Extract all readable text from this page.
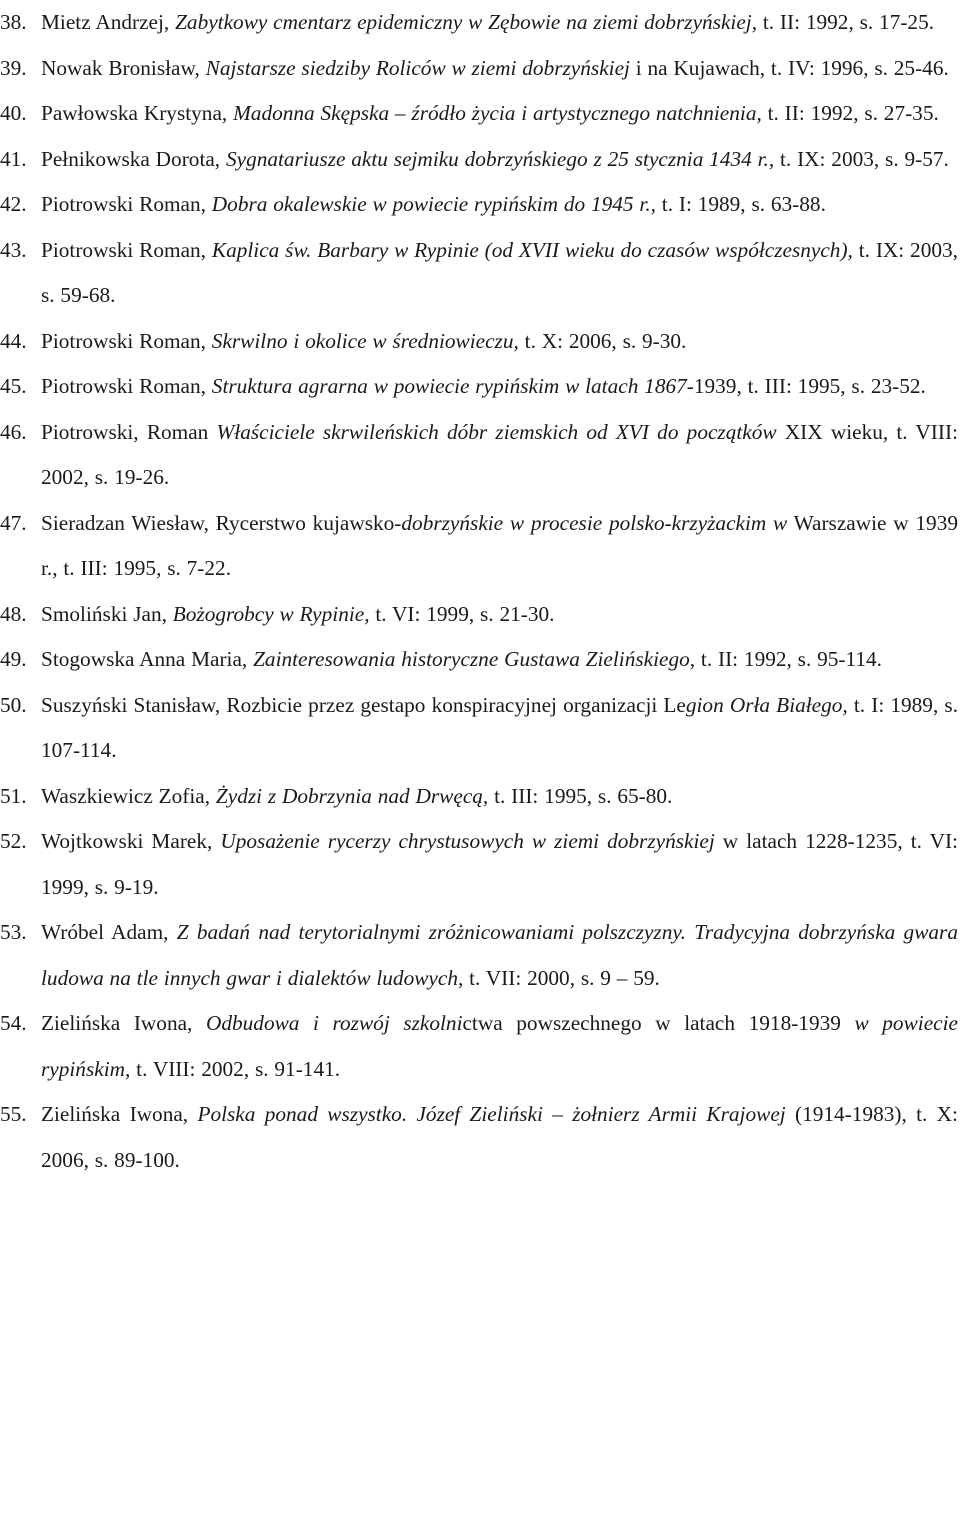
38. Mietz Andrzej, Zabytkowy cmentarz epidemiczny w Zębowie na ziemi dobrzyńskiej, t. II: 1992, s. 17-25.
39. Nowak Bronisław, Najstarsze siedziby Roliców w ziemi dobrzyńskiej i na Kujawach, t. IV: 1996, s. 25-46.
40. Pawłowska Krystyna, Madonna Skępska – źródło życia i artystycznego natchnienia, t. II: 1992, s. 27-35.
41. Pełnikowska Dorota, Sygnatariusze aktu sejmiku dobrzyńskiego z 25 stycznia 1434 r., t. IX: 2003, s. 9-57.
42. Piotrowski Roman, Dobra okalewskie w powiecie rypińskim do 1945 r., t. I: 1989, s. 63-88.
43. Piotrowski Roman, Kaplica św. Barbary w Rypinie (od XVII wieku do czasów współczesnych), t. IX: 2003, s. 59-68.
44. Piotrowski Roman, Skrwilno i okolice w średniowieczu, t. X: 2006, s. 9-30.
45. Piotrowski Roman, Struktura agrarna w powiecie rypińskim w latach 1867-1939, t. III: 1995, s. 23-52.
46. Piotrowski, Roman Właściciele skrwileńskich dóbr ziemskich od XVI do początków XIX wieku, t. VIII: 2002, s. 19-26.
47. Sieradzan Wiesław, Rycerstwo kujawsko-dobrzyńskie w procesie polsko-krzyżackim w Warszawie w 1939 r., t. III: 1995, s. 7-22.
48. Smoliński Jan, Bożogrobcy w Rypinie, t. VI: 1999, s. 21-30.
49. Stogowska Anna Maria, Zainteresowania historyczne Gustawa Zielińskiego, t. II: 1992, s. 95-114.
50. Suszyński Stanisław, Rozbicie przez gestapo konspiracyjnej organizacji Legion Orła Białego, t. I: 1989, s. 107-114.
51. Waszkiewicz Zofia, Żydzi z Dobrzynia nad Drwęcą, t. III: 1995, s. 65-80.
52. Wojtkowski Marek, Uposażenie rycerzy chrystusowych w ziemi dobrzyńskiej w latach 1228-1235, t. VI: 1999, s. 9-19.
53. Wróbel Adam, Z badań nad terytorialnymi zróżnicowaniami polszczyzny. Tradycyjna dobrzyńska gwara ludowa na tle innych gwar i dialektów ludowych, t. VII: 2000, s. 9 – 59.
54. Zielińska Iwona, Odbudowa i rozwój szkolnictwa powszechnego w latach 1918-1939 w powiecie rypińskim, t. VIII: 2002, s. 91-141.
55. Zielińska Iwona, Polska ponad wszystko. Józef Zieliński – żołnierz Armii Krajowej (1914-1983), t. X: 2006, s. 89-100.
